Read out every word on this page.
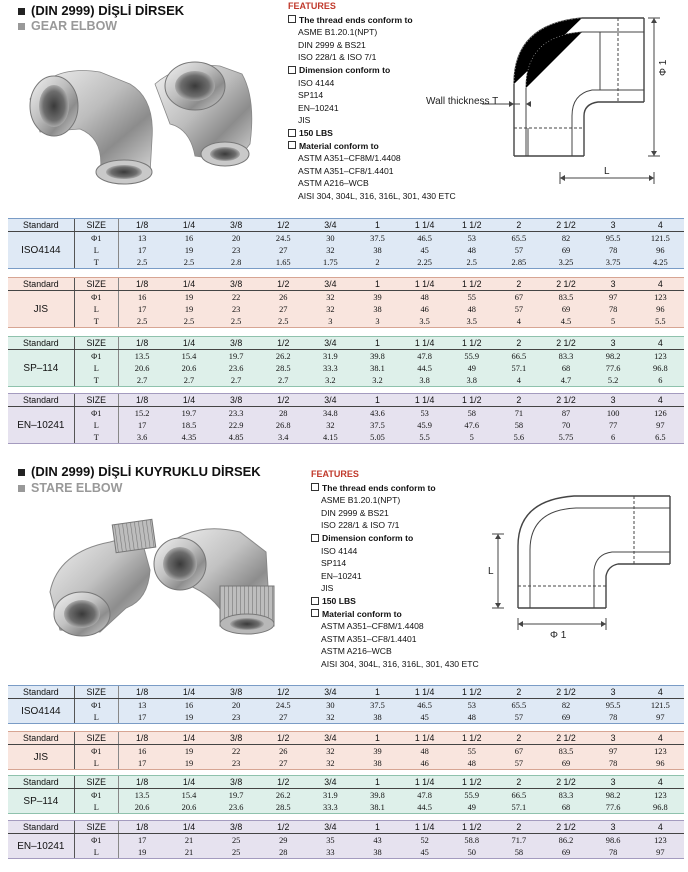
(DIN 2999) DİŞLİ DİRSEK
GEAR ELBOW
FEATURES
The thread ends conform to
ASME B1.20.1(NPT)
DIN 2999 & BS21
ISO 228/1 & ISO 7/1
Dimension conform to
ISO 4144
SP114
EN–10241
JIS
150 LBS
Material conform to
ASTM A351–CF8M/1.4408
ASTM A351–CF8/1.4401
ASTM A216–WCB
AISI 304, 304L, 316, 316L, 301, 430 ETC
Wall thickness T
Φ 1
L
Standard	SIZE	1/8	1/4	3/8	1/2	3/4	1	1 1/4	1 1/2	2	2 1/2	3	4
ISO4144	Φ1	13	16	20	24.5	30	37.5	46.5	53	65.5	82	95.5	121.5
	L	17	19	23	27	32	38	45	48	57	69	78	96
	T	2.5	2.5	2.8	1.65	1.75	2	2.25	2.5	2.85	3.25	3.75	4.25
Standard	SIZE	1/8	1/4	3/8	1/2	3/4	1	1 1/4	1 1/2	2	2 1/2	3	4
JIS	Φ1	16	19	22	26	32	39	48	55	67	83.5	97	123
	L	17	19	23	27	32	38	46	48	57	69	78	96
	T	2.5	2.5	2.5	2.5	3	3	3.5	3.5	4	4.5	5	5.5
Standard	SIZE	1/8	1/4	3/8	1/2	3/4	1	1 1/4	1 1/2	2	2 1/2	3	4
SP–114	Φ1	13.5	15.4	19.7	26.2	31.9	39.8	47.8	55.9	66.5	83.3	98.2	123
	L	20.6	20.6	23.6	28.5	33.3	38.1	44.5	49	57.1	68	77.6	96.8
	T	2.7	2.7	2.7	2.7	3.2	3.2	3.8	3.8	4	4.7	5.2	6
Standard	SIZE	1/8	1/4	3/8	1/2	3/4	1	1 1/4	1 1/2	2	2 1/2	3	4
EN–10241	Φ1	15.2	19.7	23.3	28	34.8	43.6	53	58	71	87	100	126
	L	17	18.5	22.9	26.8	32	37.5	45.9	47.6	58	70	77	97
	T	3.6	4.35	4.85	3.4	4.15	5.05	5.5	5	5.6	5.75	6	6.5
(DIN 2999) DİŞLİ KUYRUKLU DİRSEK
STARE ELBOW
FEATURES
The thread ends conform to
ASME B1.20.1(NPT)
DIN 2999 & BS21
ISO 228/1 & ISO 7/1
Dimension conform to
ISO 4144
SP114
EN–10241
JIS
150 LBS
Material conform to
ASTM A351–CF8M/1.4408
ASTM A351–CF8/1.4401
ASTM A216–WCB
AISI 304, 304L, 316, 316L, 301, 430 ETC
L
Φ 1
Standard	SIZE	1/8	1/4	3/8	1/2	3/4	1	1 1/4	1 1/2	2	2 1/2	3	4
ISO4144	Φ1	13	16	20	24.5	30	37.5	46.5	53	65.5	82	95.5	121.5
	L	17	19	23	27	32	38	45	48	57	69	78	97
Standard	SIZE	1/8	1/4	3/8	1/2	3/4	1	1 1/4	1 1/2	2	2 1/2	3	4
JIS	Φ1	16	19	22	26	32	39	48	55	67	83.5	97	123
	L	17	19	23	27	32	38	46	48	57	69	78	96
Standard	SIZE	1/8	1/4	3/8	1/2	3/4	1	1 1/4	1 1/2	2	2 1/2	3	4
SP–114	Φ1	13.5	15.4	19.7	26.2	31.9	39.8	47.8	55.9	66.5	83.3	98.2	123
	L	20.6	20.6	23.6	28.5	33.3	38.1	44.5	49	57.1	68	77.6	96.8
Standard	SIZE	1/8	1/4	3/8	1/2	3/4	1	1 1/4	1 1/2	2	2 1/2	3	4
EN–10241	Φ1	17	21	25	29	35	43	52	58.8	71.7	86.2	98.6	123
	L	19	21	25	28	33	38	45	50	58	69	78	97
